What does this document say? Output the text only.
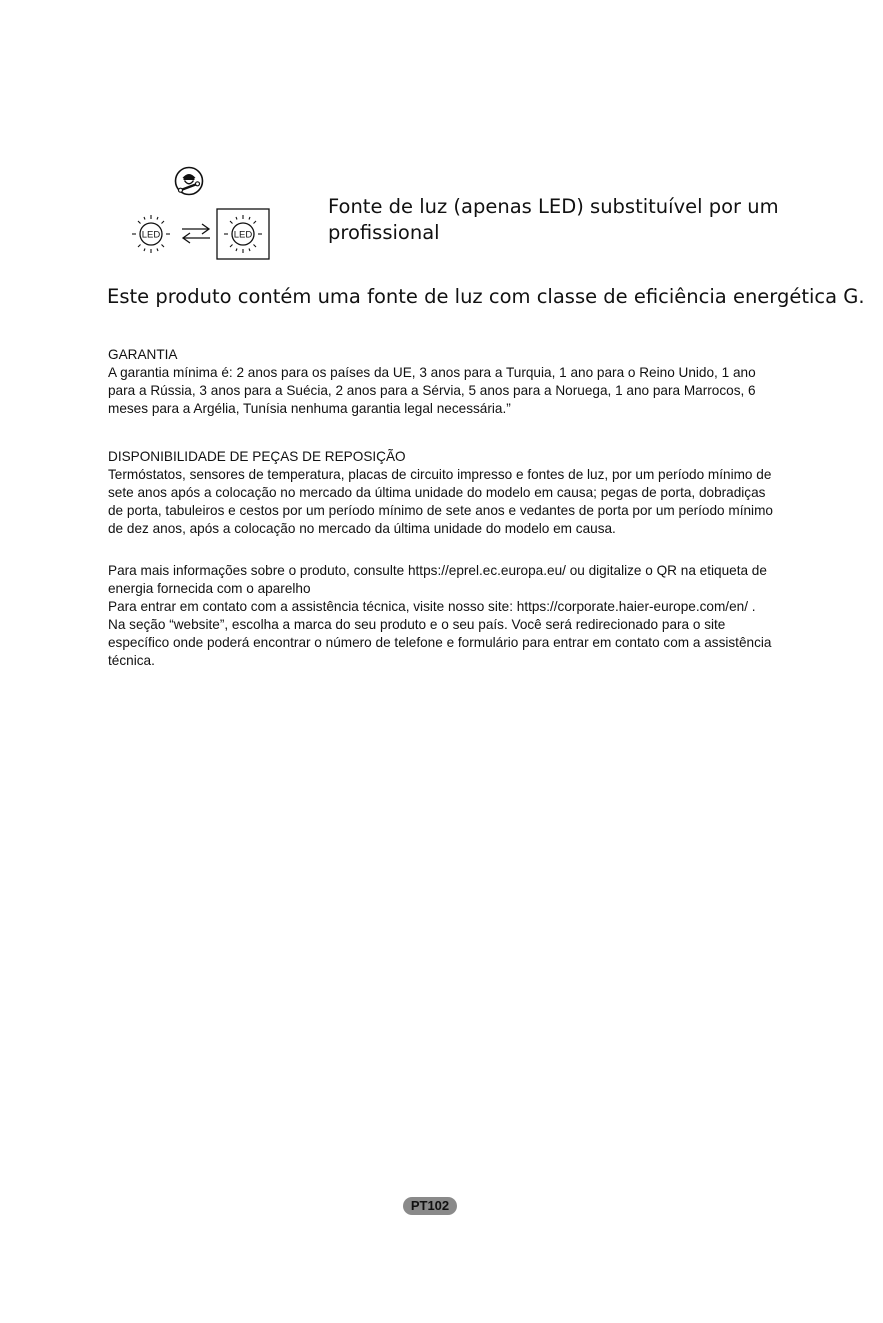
LED	LED
Fonte de luz (apenas LED) substituível por um profissional
Este produto contém uma fonte de luz com classe de eficiência energética G.
GARANTIA
A garantia mínima é: 2 anos para os países da UE, 3 anos para a Turquia, 1 ano para o Reino Unido, 1 ano para a Rússia, 3 anos para a Suécia, 2 anos para a Sérvia, 5 anos para a Noruega, 1 ano para Marrocos, 6 meses para a Argélia, Tunísia nenhuma garantia legal necessária.”
DISPONIBILIDADE DE PEÇAS DE REPOSIÇÃO
Termóstatos, sensores de temperatura, placas de circuito impresso e fontes de luz, por um período mínimo de sete anos após a colocação no mercado da última unidade do modelo em causa; pegas de porta, dobradiças de porta, tabuleiros e cestos por um período mínimo de sete anos e vedantes de porta por um período mínimo de dez anos, após a colocação no mercado da última unidade do modelo em causa.
Para mais informações sobre o produto, consulte https://eprel.ec.europa.eu/ ou digitalize o QR na etiqueta de energia fornecida com o aparelho
Para entrar em contato com a assistência técnica, visite nosso site: https://corporate.haier-europe.com/en/ . Na seção “website”, escolha a marca do seu produto e o seu país. Você será redirecionado para o site específico onde poderá encontrar o número de telefone e formulário para entrar em contato com a assistência técnica.
PT102
